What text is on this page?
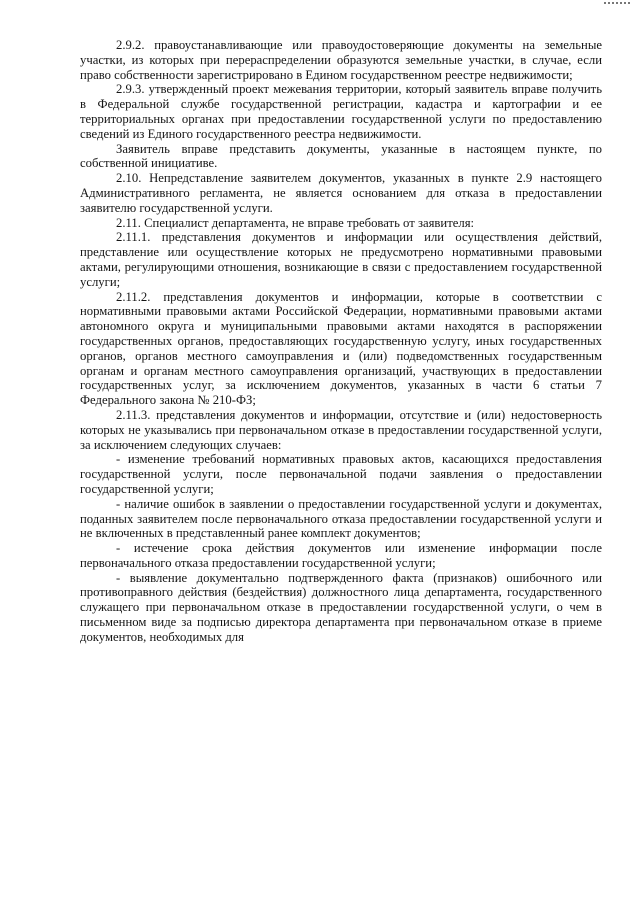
2.9.2. правоустанавливающие или правоудостоверяющие документы на земельные участки, из которых при перераспределении образуются земельные участки, в случае, если право собственности зарегистрировано в Едином государственном реестре недвижимости;

2.9.3. утвержденный проект межевания территории, который заявитель вправе получить в Федеральной службе государственной регистрации, кадастра и картографии и ее территориальных органах при предоставлении государственной услуги по предоставлению сведений из Единого государственного реестра недвижимости.

Заявитель вправе представить документы, указанные в настоящем пункте, по собственной инициативе.

2.10. Непредставление заявителем документов, указанных в пункте 2.9 настоящего Административного регламента, не является основанием для отказа в предоставлении заявителю государственной услуги.

2.11. Специалист департамента, не вправе требовать от заявителя:

2.11.1. представления документов и информации или осуществления действий, представление или осуществление которых не предусмотрено нормативными правовыми актами, регулирующими отношения, возникающие в связи с предоставлением государственной услуги;

2.11.2. представления документов и информации, которые в соответствии с нормативными правовыми актами Российской Федерации, нормативными правовыми актами автономного округа и муниципальными правовыми актами находятся в распоряжении государственных органов, предоставляющих государственную услугу, иных государственных органов, органов местного самоуправления и (или) подведомственных государственным органам и органам местного самоуправления организаций, участвующих в предоставлении государственных услуг, за исключением документов, указанных в части 6 статьи 7 Федерального закона № 210-ФЗ;

2.11.3. представления документов и информации, отсутствие и (или) недостоверность которых не указывались при первоначальном отказе в предоставлении государственной услуги, за исключением следующих случаев:

- изменение требований нормативных правовых актов, касающихся предоставления государственной услуги, после первоначальной подачи заявления о предоставлении государственной услуги;

- наличие ошибок в заявлении о предоставлении государственной услуги и документах, поданных заявителем после первоначального отказа предоставлении государственной услуги и не включенных в представленный ранее комплект документов;

- истечение срока действия документов или изменение информации после первоначального отказа предоставлении государственной услуги;

- выявление документально подтвержденного факта (признаков) ошибочного или противоправного действия (бездействия) должностного лица департамента, государственного служащего при первоначальном отказе в предоставлении государственной услуги, о чем в письменном виде за подписью директора департамента при первоначальном отказе в приеме документов, необходимых для
